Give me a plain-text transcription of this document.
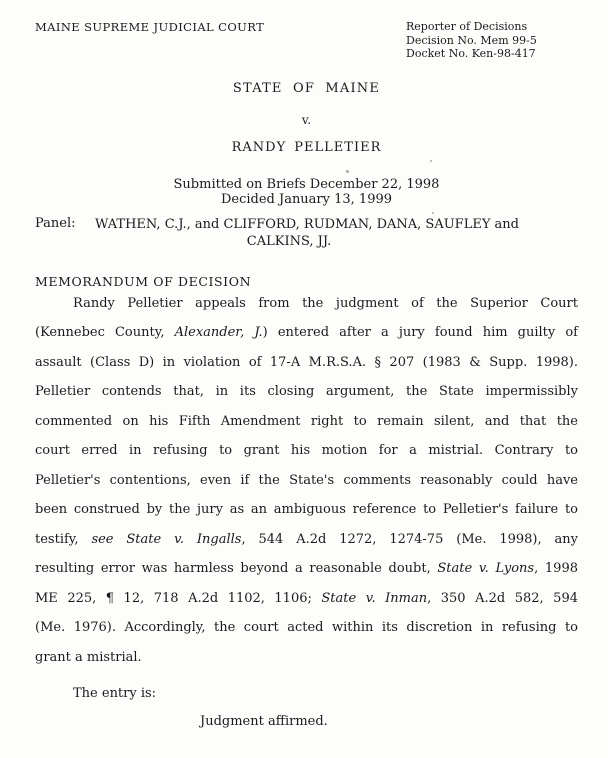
MAINE SUPREME JUDICIAL COURT	Reporter of Decisions
Decision No. Mem 99-5
Docket No. Ken-98-417
STATE OF MAINE
v.
RANDY PELLETIER
Submitted on Briefs December 22, 1998
Decided January 13, 1999
Panel:	WATHEN, C.J., and CLIFFORD, RUDMAN, DANA, SAUFLEY and
CALKINS, JJ.
MEMORANDUM OF DECISION
Randy Pelletier appeals from the judgment of the Superior Court
(Kennebec County, Alexander, J.) entered after a jury found him guilty of
assault (Class D) in violation of 17-A M.R.S.A. § 207 (1983 & Supp. 1998).
Pelletier contends that, in its closing argument, the State impermissibly
commented on his Fifth Amendment right to remain silent, and that the
court erred in refusing to grant his motion for a mistrial. Contrary to
Pelletier's contentions, even if the State's comments reasonably could have
been construed by the jury as an ambiguous reference to Pelletier's failure to
testify, see State v. Ingalls, 544 A.2d 1272, 1274-75 (Me. 1998), any
resulting error was harmless beyond a reasonable doubt, State v. Lyons, 1998
ME 225, ¶ 12, 718 A.2d 1102, 1106; State v. Inman, 350 A.2d 582, 594
(Me. 1976). Accordingly, the court acted within its discretion in refusing to
grant a mistrial.
The entry is:
Judgment affirmed.
